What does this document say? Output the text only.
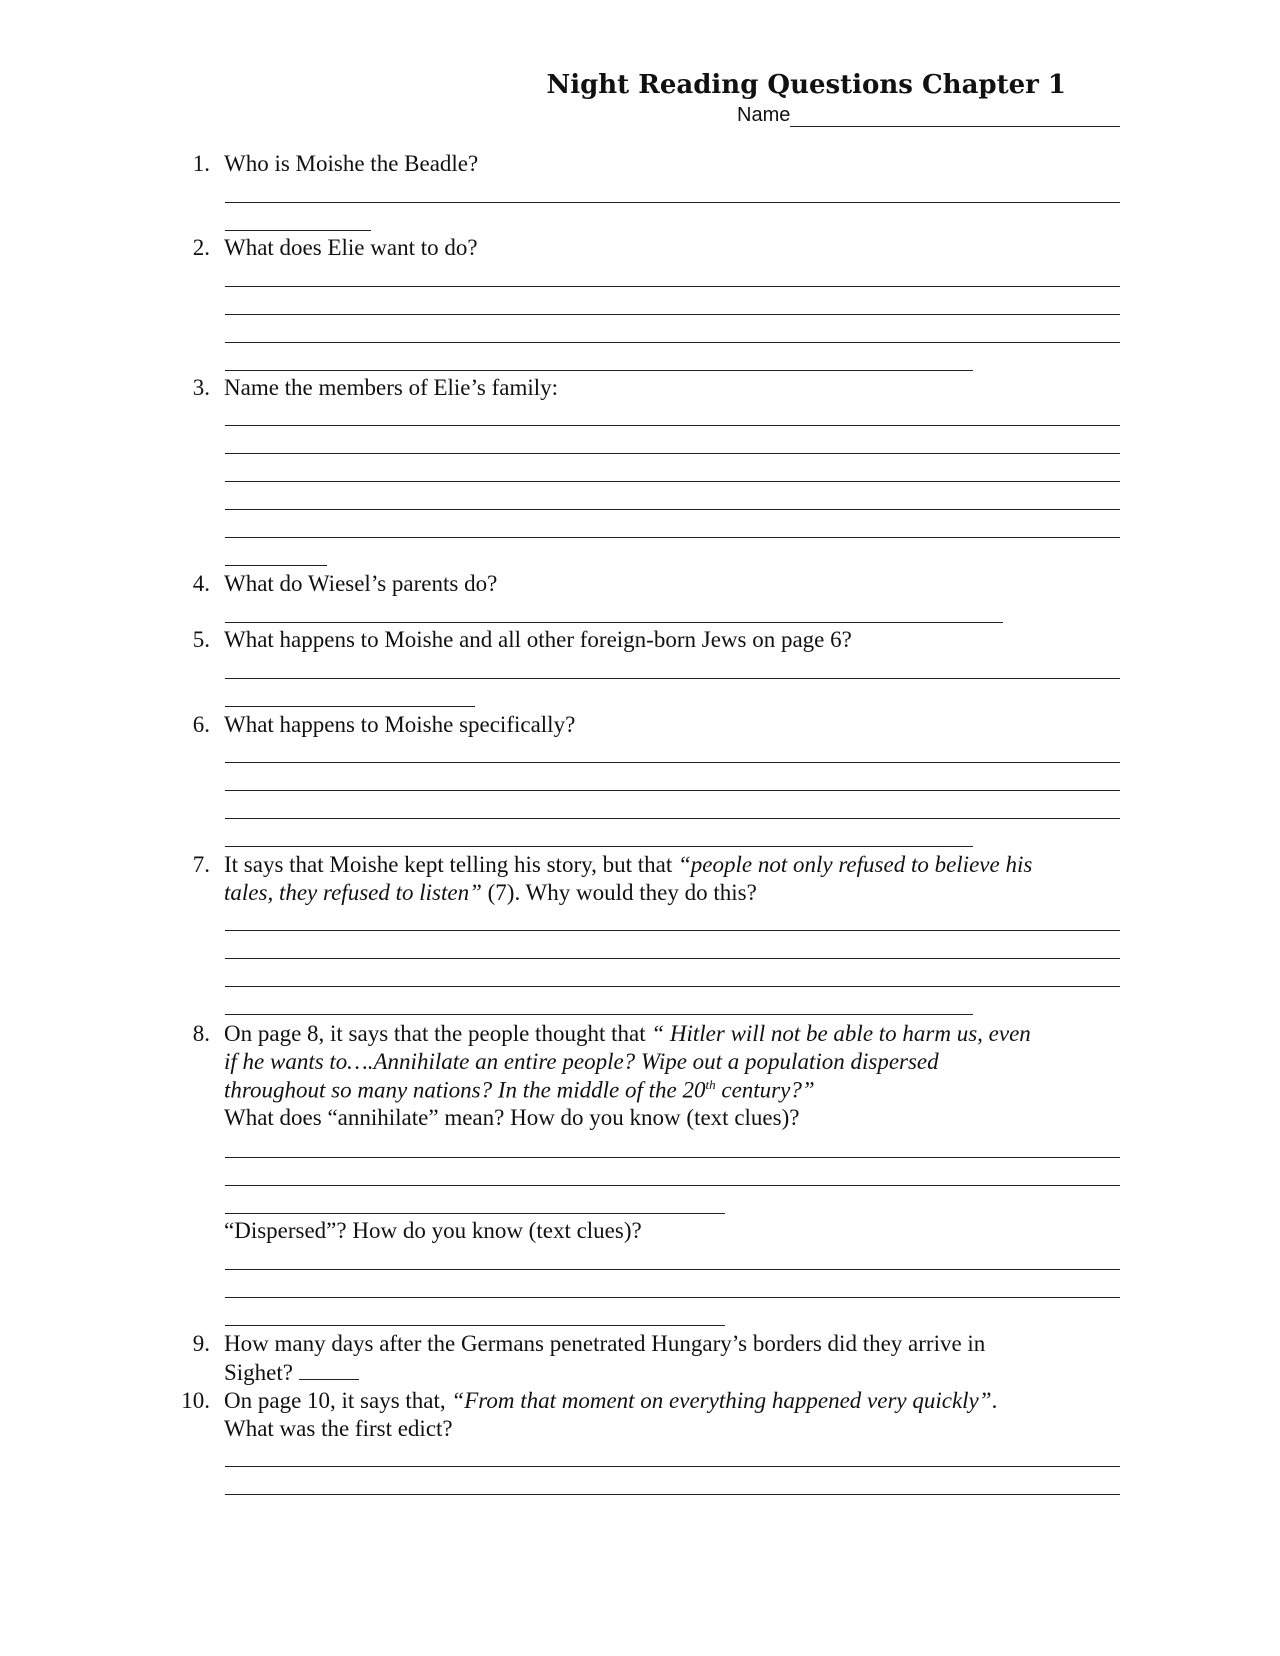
Night Reading Questions Chapter 1
Name
1. Who is Moishe the Beadle?
2. What does Elie want to do?
3. Name the members of Elie’s family:
4. What do Wiesel’s parents do?
5. What happens to Moishe and all other foreign-born Jews on page 6?
6. What happens to Moishe specifically?
7. It says that Moishe kept telling his story, but that “people not only refused to believe his
tales, they refused to listen” (7). Why would they do this?
8. On page 8, it says that the people thought that “ Hitler will not be able to harm us, even
if he wants to….Annihilate an entire people? Wipe out a population dispersed
throughout so many nations? In the middle of the 20th century?”
What does “annihilate” mean? How do you know (text clues)?
“Dispersed”? How do you know (text clues)?
9. How many days after the Germans penetrated Hungary’s borders did they arrive in
Sighet?
10. On page 10, it says that, “From that moment on everything happened very quickly”.
What was the first edict?
